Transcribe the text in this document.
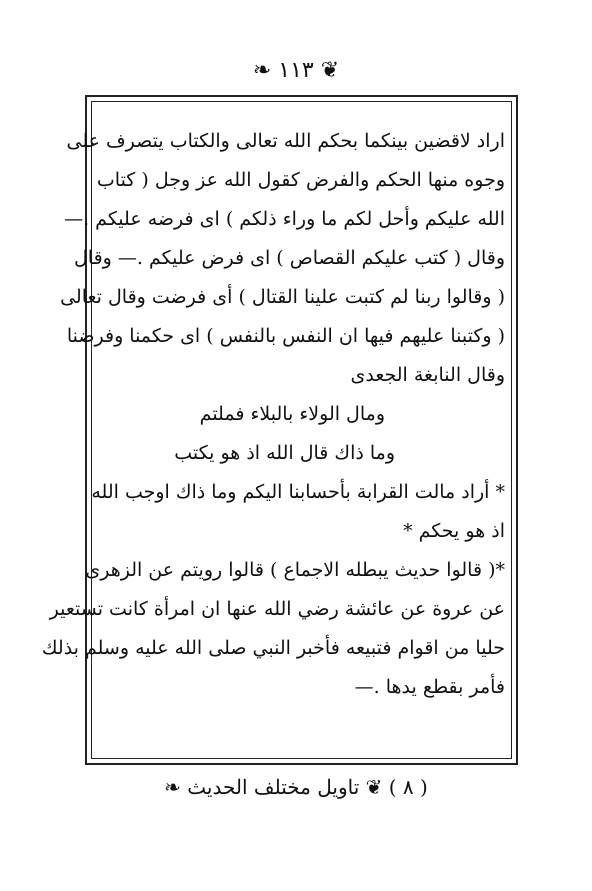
❦ ١١٣ ❧
اراد لاقضين بينكما بحكم الله تعالى والكتاب يتصرف على
وجوه منها الحكم والفرض كقول الله عز وجل ( كتاب
الله عليكم وأحل لكم ما وراء ذلكم ) اى فرضه عليكم .—
وقال ( كتب عليكم القصاص ) اى فرض عليكم .— وقال
( وقالوا ربنا لم كتبت علينا القتال ) أى فرضت وقال تعالى
( وكتبنا عليهم فيها ان النفس بالنفس ) اى حكمنا وفرضنا
وقال النابغة الجعدى
ومال الولاء بالبلاء فملتم
وما ذاك قال الله اذ هو يكتب
* أراد مالت القرابة بأحسابنا اليكم وما ذاك اوجب الله
اذ هو يحكم *
*( قالوا حديث يبطله الاجماع ) قالوا رويتم عن الزهرى
عن عروة عن عائشة رضي الله عنها ان امرأة كانت تستعير
حليا من اقوام فتبيعه فأخبر النبي صلى الله عليه وسلم بذلك
فأمر بقطع يدها .—
( ٨ ) ❦ تاويل مختلف الحديث ❧
